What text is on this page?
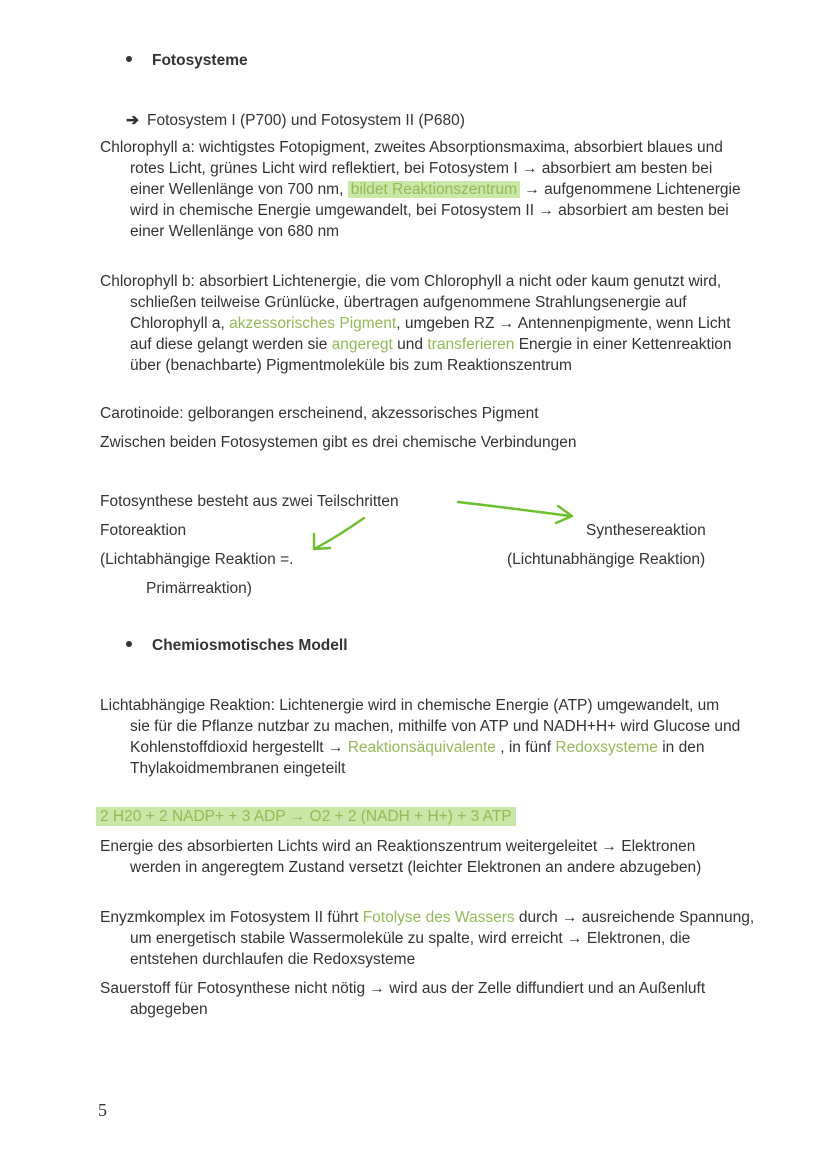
Fotosysteme
➔ Fotosystem I (P700) und Fotosystem II (P680)
Chlorophyll a: wichtigstes Fotopigment, zweites Absorptionsmaxima, absorbiert blaues und rotes Licht, grünes Licht wird reflektiert, bei Fotosystem I → absorbiert am besten bei einer Wellenlänge von 700 nm, bildet Reaktionszentrum → aufgenommene Lichtenergie wird in chemische Energie umgewandelt, bei Fotosystem II → absorbiert am besten bei einer Wellenlänge von 680 nm
Chlorophyll b: absorbiert Lichtenergie, die vom Chlorophyll a nicht oder kaum genutzt wird, schließen teilweise Grünlücke, übertragen aufgenommene Strahlungsenergie auf Chlorophyll a, akzessorisches Pigment, umgeben RZ → Antennenpigmente, wenn Licht auf diese gelangt werden sie angeregt und transferieren Energie in einer Kettenreaktion über (benachbarte) Pigmentmoleküle bis zum Reaktionszentrum
Carotinoide: gelborangen erscheinend, akzessorisches Pigment
Zwischen beiden Fotosystemen gibt es drei chemische Verbindungen
Fotosynthese besteht aus zwei Teilschritten
Fotoreaktion
(Lichtabhängige Reaktion =.
Primärreaktion)
Synthesereaktion
(Lichtunabhängige Reaktion)
Chemiosmotisches Modell
Lichtabhängige Reaktion: Lichtenergie wird in chemische Energie (ATP) umgewandelt, um sie für die Pflanze nutzbar zu machen, mithilfe von ATP und NADH+H+ wird Glucose und Kohlenstoffdioxid hergestellt → Reaktionsäquivalente , in fünf Redoxsysteme in den Thylakoidmembranen eingeteilt
2 H20 + 2 NADP+ + 3 ADP → O2 + 2 (NADH + H+) + 3 ATP
Energie des absorbierten Lichts wird an Reaktionszentrum weitergeleitet → Elektronen werden in angeregtem Zustand versetzt (leichter Elektronen an andere abzugeben)
Enyzmkomplex im Fotosystem II führt Fotolyse des Wassers durch → ausreichende Spannung, um energetisch stabile Wassermoleküle zu spalte, wird erreicht → Elektronen, die entstehen durchlaufen die Redoxsysteme
Sauerstoff für Fotosynthese nicht nötig → wird aus der Zelle diffundiert und an Außenluft abgegeben
5
